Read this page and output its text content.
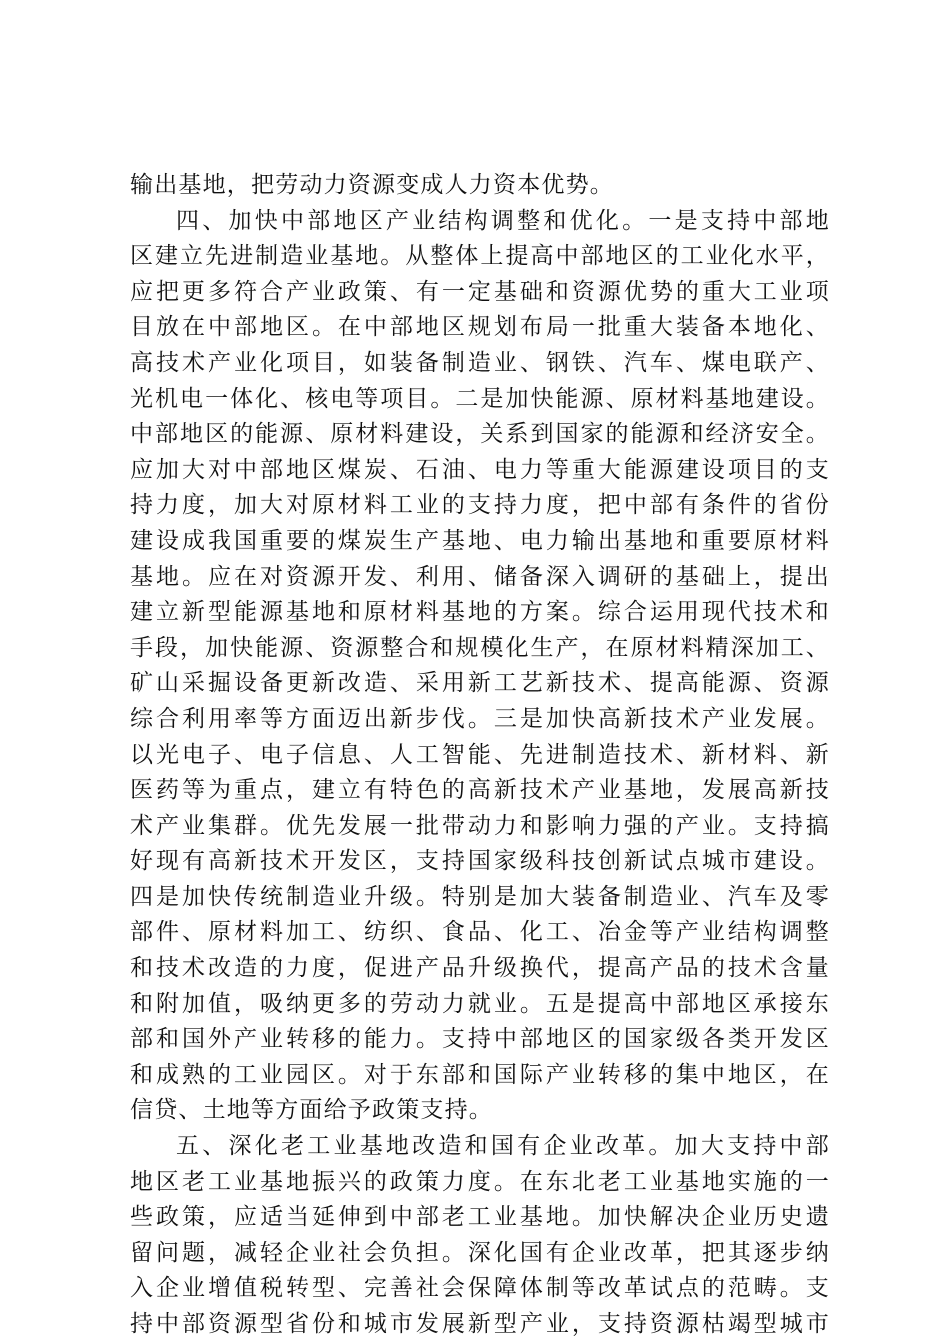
输出基地，把劳动力资源变成人力资本优势。
四、加快中部地区产业结构调整和优化。一是支持中部地
区建立先进制造业基地。从整体上提高中部地区的工业化水平，
应把更多符合产业政策、有一定基础和资源优势的重大工业项
目放在中部地区。在中部地区规划布局一批重大装备本地化、
高技术产业化项目，如装备制造业、钢铁、汽车、煤电联产、
光机电一体化、核电等项目。二是加快能源、原材料基地建设。
中部地区的能源、原材料建设，关系到国家的能源和经济安全。
应加大对中部地区煤炭、石油、电力等重大能源建设项目的支
持力度，加大对原材料工业的支持力度，把中部有条件的省份
建设成我国重要的煤炭生产基地、电力输出基地和重要原材料
基地。应在对资源开发、利用、储备深入调研的基础上，提出
建立新型能源基地和原材料基地的方案。综合运用现代技术和
手段，加快能源、资源整合和规模化生产，在原材料精深加工、
矿山采掘设备更新改造、采用新工艺新技术、提高能源、资源
综合利用率等方面迈出新步伐。三是加快高新技术产业发展。
以光电子、电子信息、人工智能、先进制造技术、新材料、新
医药等为重点，建立有特色的高新技术产业基地，发展高新技
术产业集群。优先发展一批带动力和影响力强的产业。支持搞
好现有高新技术开发区，支持国家级科技创新试点城市建设。
四是加快传统制造业升级。特别是加大装备制造业、汽车及零
部件、原材料加工、纺织、食品、化工、冶金等产业结构调整
和技术改造的力度，促进产品升级换代，提高产品的技术含量
和附加值，吸纳更多的劳动力就业。五是提高中部地区承接东
部和国外产业转移的能力。支持中部地区的国家级各类开发区
和成熟的工业园区。对于东部和国际产业转移的集中地区，在
信贷、土地等方面给予政策支持。
五、深化老工业基地改造和国有企业改革。加大支持中部
地区老工业基地振兴的政策力度。在东北老工业基地实施的一
些政策，应适当延伸到中部老工业基地。加快解决企业历史遗
留问题，减轻企业社会负担。深化国有企业改革，把其逐步纳
入企业增值税转型、完善社会保障体制等改革试点的范畴。支
持中部资源型省份和城市发展新型产业，支持资源枯竭型城市
